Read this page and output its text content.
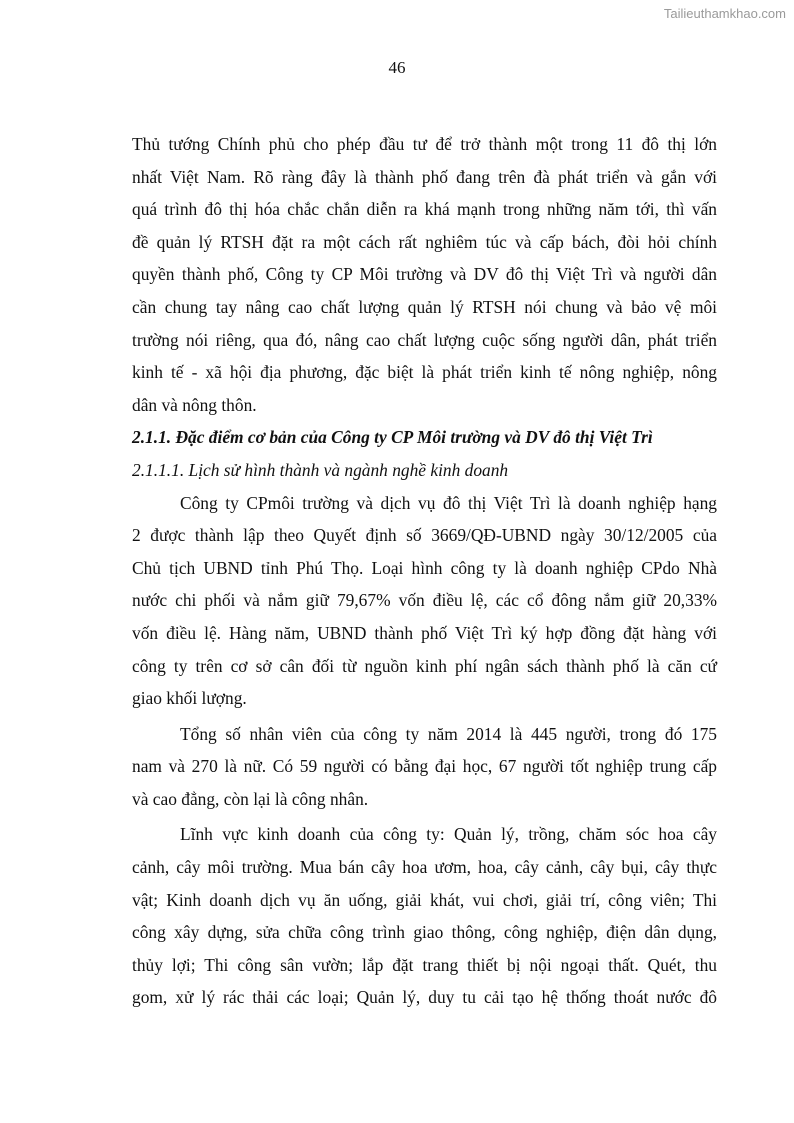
Tailieuthamkhao.com
46
Thủ tướng Chính phủ cho phép đầu tư để trở thành một trong 11 đô thị lớn
nhất Việt Nam. Rõ ràng đây là thành phố đang trên đà phát triển và gắn với
quá trình đô thị hóa chắc chắn diễn ra khá mạnh trong những năm tới, thì vấn
đề quản lý RTSH đặt ra một cách rất nghiêm túc và cấp bách, đòi hỏi chính
quyền thành phố, Công ty CP Môi trường và DV đô thị Việt Trì và người dân
cần chung tay nâng cao chất lượng quản lý RTSH nói chung và bảo vệ môi
trường nói riêng, qua đó, nâng cao chất lượng cuộc sống người dân, phát triển
kinh tế - xã hội địa phương, đặc biệt là phát triển kinh tế nông nghiệp, nông
dân và nông thôn.
2.1.1. Đặc điểm cơ bản của Công ty CP Môi trường và DV đô thị Việt Trì
2.1.1.1. Lịch sử hình thành và ngành nghề kinh doanh
Công ty CPmôi trường và dịch vụ đô thị Việt Trì là doanh nghiệp hạng
2 được thành lập theo Quyết định số 3669/QĐ-UBND ngày 30/12/2005 của
Chủ tịch UBND tỉnh Phú Thọ. Loại hình công ty là doanh nghiệp CPdo Nhà
nước chi phối và nắm giữ 79,67% vốn điều lệ, các cổ đông nắm giữ 20,33%
vốn điều lệ. Hàng năm, UBND thành phố Việt Trì ký hợp đồng đặt hàng với
công ty trên cơ sở cân đối từ nguồn kinh phí ngân sách thành phố là căn cứ
giao khối lượng.
Tổng số nhân viên của công ty năm 2014 là 445 người, trong đó 175
nam và 270 là nữ. Có 59 người có bằng đại học, 67 người tốt nghiệp trung cấp
và cao đẳng, còn lại là công nhân.
Lĩnh vực kinh doanh của công ty: Quản lý, trồng, chăm sóc hoa cây
cảnh, cây môi trường. Mua bán cây hoa ươm, hoa, cây cảnh, cây bụi, cây thực
vật; Kinh doanh dịch vụ ăn uống, giải khát, vui chơi, giải trí, công viên; Thi
công xây dựng, sửa chữa công trình giao thông, công nghiệp, điện dân dụng,
thủy lợi; Thi công sân vườn; lắp đặt trang thiết bị nội ngoại thất. Quét, thu
gom, xử lý rác thải các loại; Quản lý, duy tu cải tạo hệ thống thoát nước đô
